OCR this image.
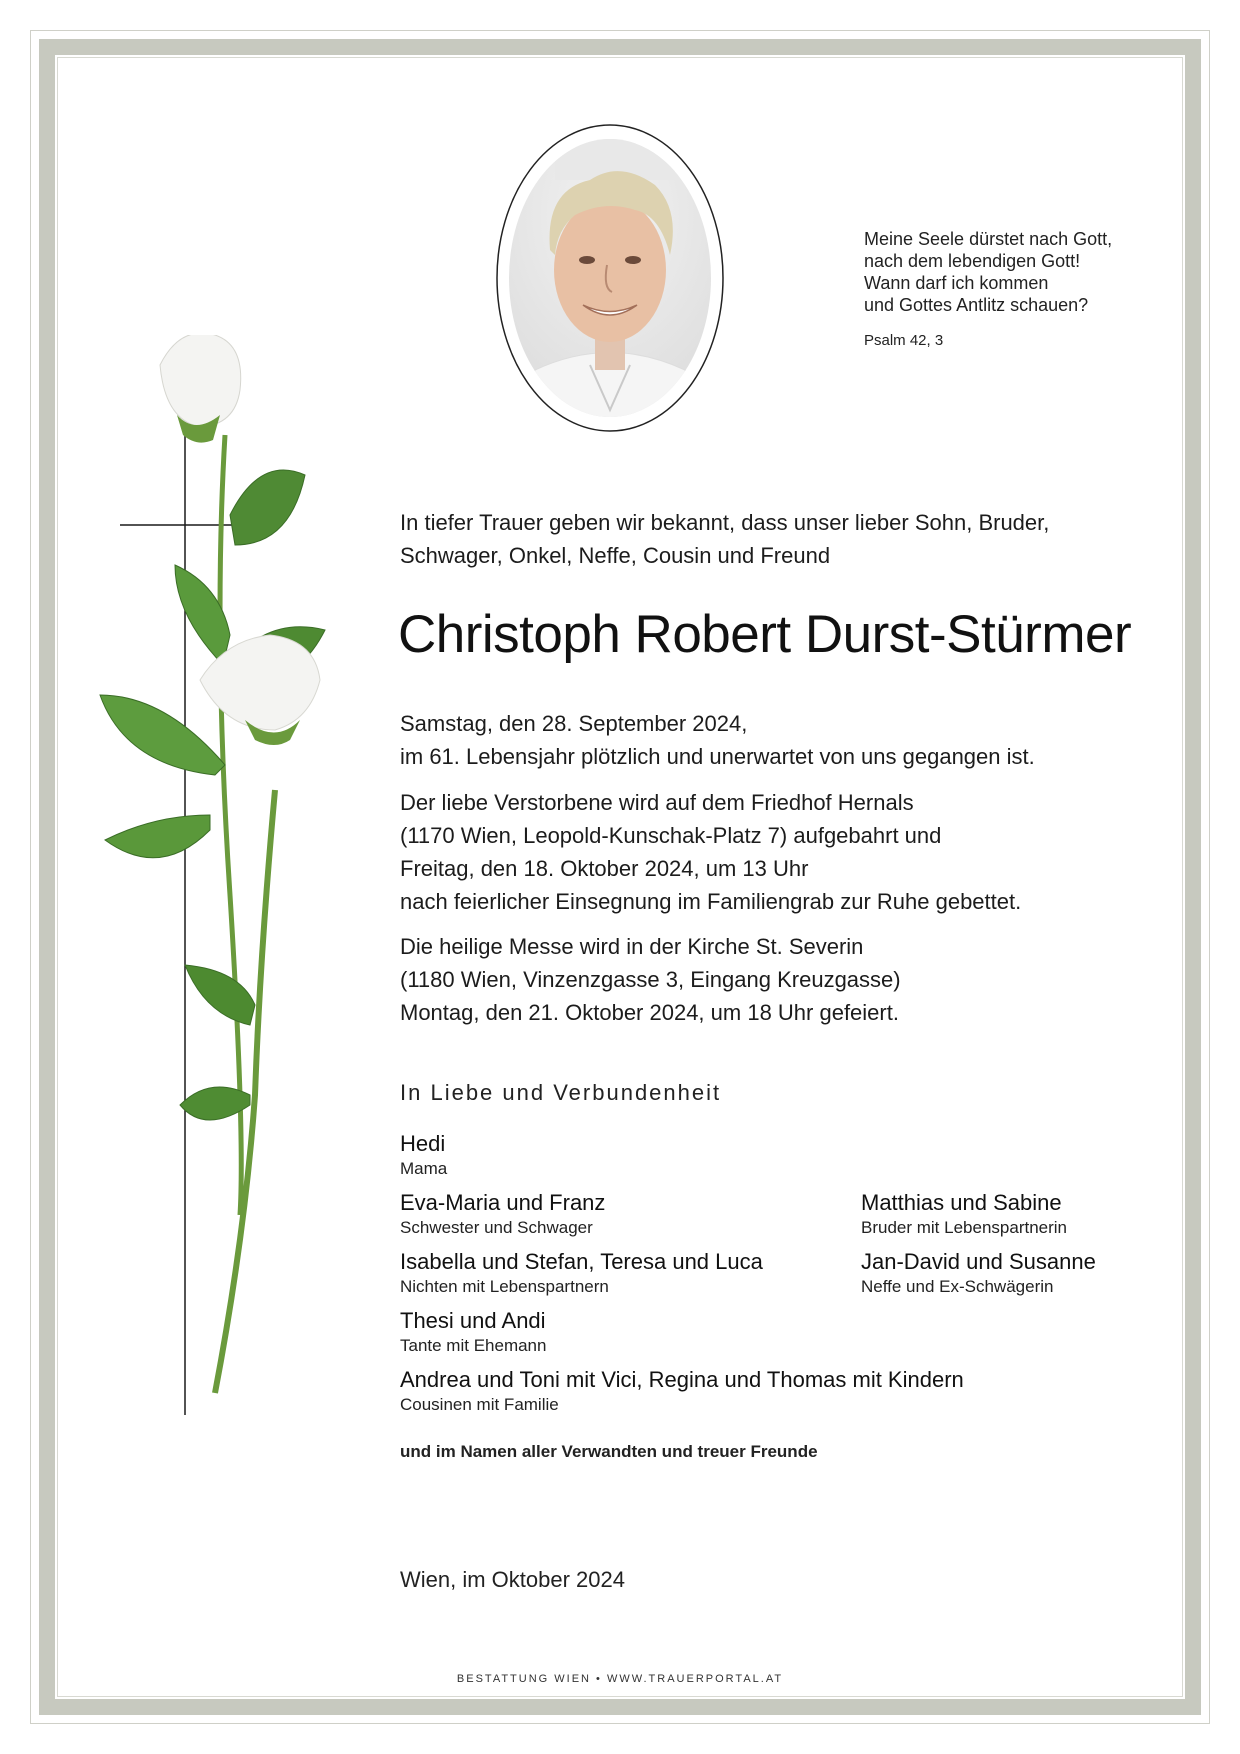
Meine Seele dürstet nach Gott,
nach dem lebendigen Gott!
Wann darf ich kommen
und Gottes Antlitz schauen?
Psalm 42, 3
In tiefer Trauer geben wir bekannt, dass unser lieber Sohn, Bruder,
Schwager, Onkel, Neffe, Cousin und Freund
Christoph Robert Durst-Stürmer
Samstag, den 28. September 2024,
im 61. Lebensjahr plötzlich und unerwartet von uns gegangen ist.
Der liebe Verstorbene wird auf dem Friedhof Hernals
(1170 Wien, Leopold-Kunschak-Platz 7) aufgebahrt und
Freitag, den 18. Oktober 2024, um 13 Uhr
nach feierlicher Einsegnung im Familiengrab zur Ruhe gebettet.
Die heilige Messe wird in der Kirche St. Severin
(1180 Wien, Vinzenzgasse 3, Eingang Kreuzgasse)
Montag, den 21. Oktober 2024, um 18 Uhr gefeiert.
In Liebe und Verbundenheit
Hedi
Mama
Eva-Maria und Franz
Schwester und Schwager
Matthias und Sabine
Bruder mit Lebenspartnerin
Isabella und Stefan, Teresa und Luca
Nichten mit Lebenspartnern
Jan-David und Susanne
Neffe und Ex-Schwägerin
Thesi und Andi
Tante mit Ehemann
Andrea und Toni mit Vici, Regina und Thomas mit Kindern
Cousinen mit Familie
und im Namen aller Verwandten und treuer Freunde
Wien, im Oktober 2024
BESTATTUNG WIEN • WWW.TRAUERPORTAL.AT
